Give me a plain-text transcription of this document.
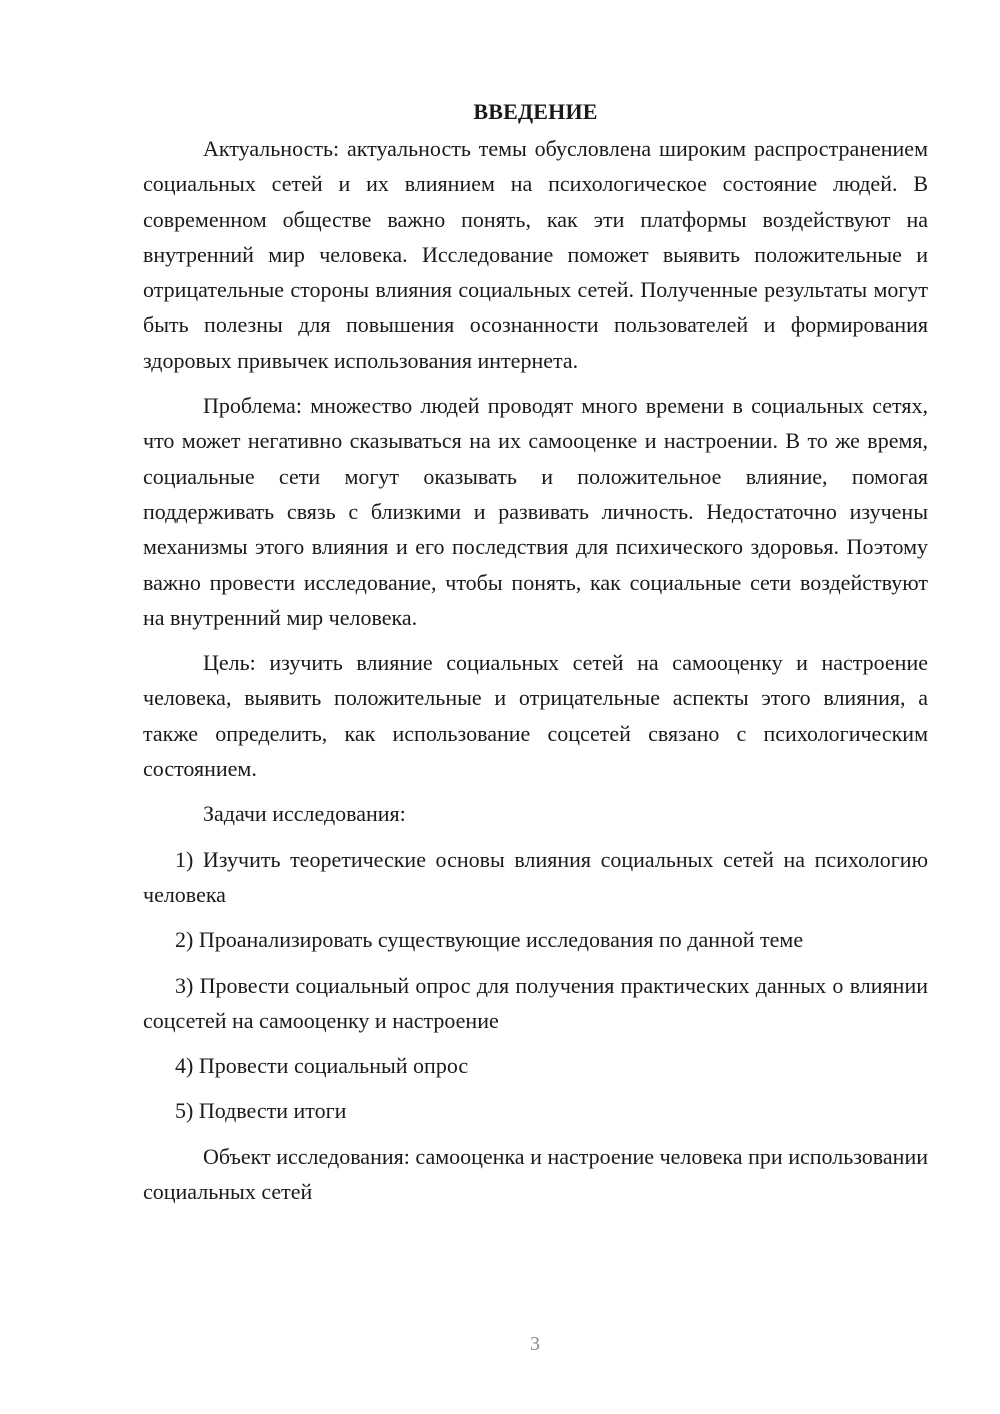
ВВЕДЕНИЕ

Актуальность: актуальность темы обусловлена широким распространением социальных сетей и их влиянием на психологическое состояние людей. В современном обществе важно понять, как эти платформы воздействуют на внутренний мир человека. Исследование поможет выявить положительные и отрицательные стороны влияния социальных сетей. Полученные результаты могут быть полезны для повышения осознанности пользователей и формирования здоровых привычек использования интернета.

Проблема: множество людей проводят много времени в социальных сетях, что может негативно сказываться на их самооценке и настроении. В то же время, социальные сети могут оказывать и положительное влияние, помогая поддерживать связь с близкими и развивать личность. Недостаточно изучены механизмы этого влияния и его последствия для психического здоровья. Поэтому важно провести исследование, чтобы понять, как социальные сети воздействуют на внутренний мир человека.

Цель: изучить влияние социальных сетей на самооценку и настроение человека, выявить положительные и отрицательные аспекты этого влияния, а также определить, как использование соцсетей связано с психологическим состоянием.

Задачи исследования:

1) Изучить теоретические основы влияния социальных сетей на психологию человека

2) Проанализировать существующие исследования по данной теме

3) Провести социальный опрос для получения практических данных о влиянии соцсетей на самооценку и настроение

4) Провести социальный опрос

5) Подвести итоги

Объект исследования: самооценка и настроение человека при использовании социальных сетей

3
